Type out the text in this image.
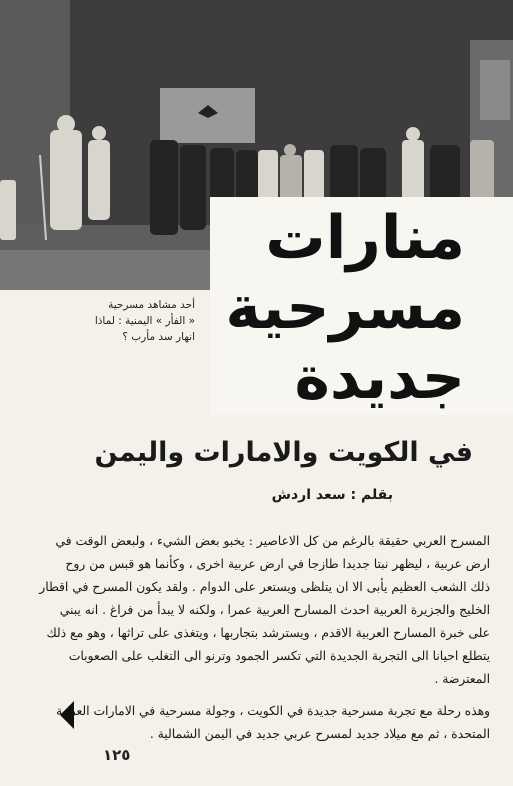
منارات
مسرحية
جديدة
أحد مشاهد مسرحية
« الفأر » اليمنية : لماذا
انهار سد مأرب ؟
في الكويت والامارات واليمن
بقلم : سعد اردش

المسرح العربي حقيقة بالرغم من كل الاعاصير : يخبو بعض الشيء ، ولبعض الوقت في
ارض عربية ، ليظهر نبتا جديدا طازجا في ارض عربية اخرى ، وكأنما هو قبس من روح
ذلك الشعب العظيم يأبى الا ان يتلظى ويستعر على الدوام . ولقد يكون المسرح في اقطار
الخليج والجزيرة العربية احدث المسارح العربية عمرا ، ولكنه لا يبدأ من فراغ . انه يبني
على خبرة المسارح العربية الاقدم ، ويسترشد بتجاربها ، ويتغذى على تراثها ، وهو مع ذلك
يتطلع احيانا الى التجربة الجديدة التي تكسر الجمود وترنو الى التغلب على الصعوبات
المعترضة .

وهذه رحلة مع تجربة مسرحية جديدة في الكويت ، وجولة مسرحية في الامارات العربية
المتحدة ، ثم مع ميلاد جديد لمسرح عربي جديد في اليمن الشمالية .

١٢٥
